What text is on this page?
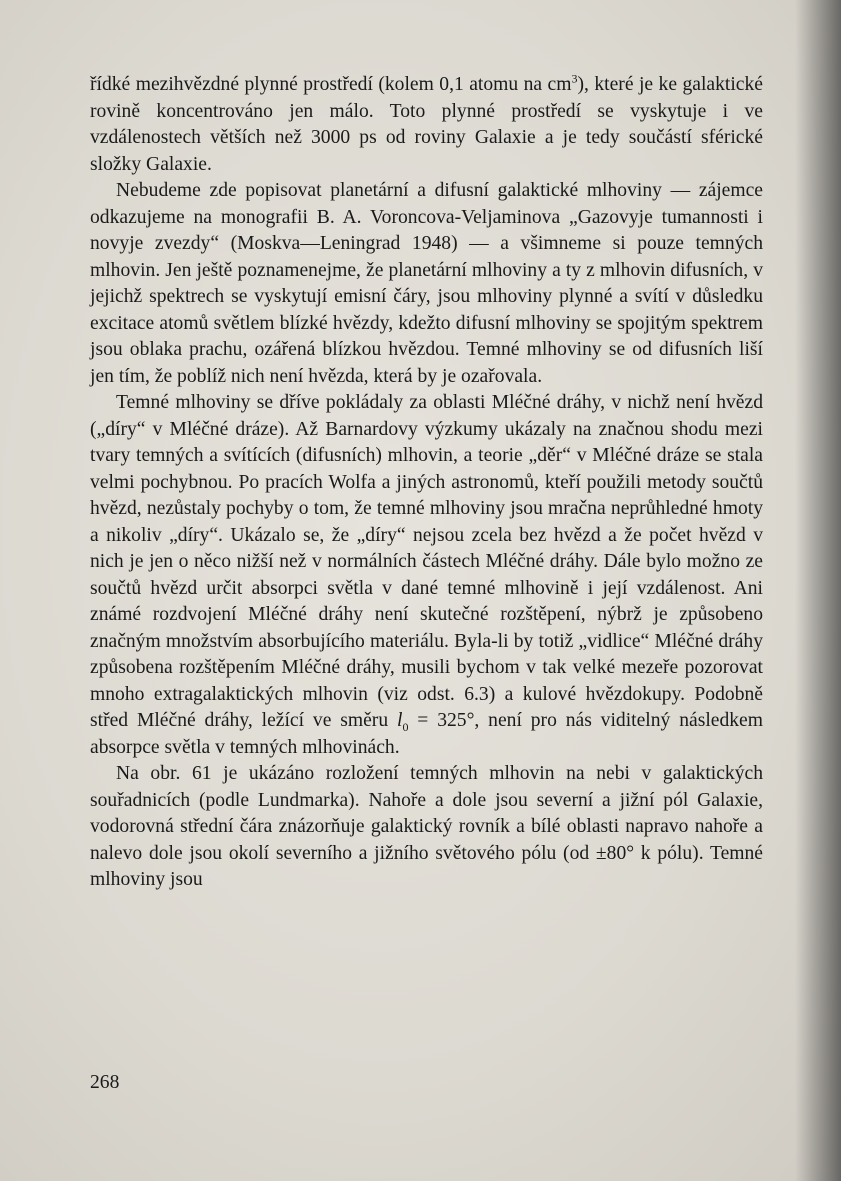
řídké mezihvězdné plynné prostředí (kolem 0,1 atomu na $cm^3$), které je ke galaktické rovině koncentrováno jen málo. Toto plynné prostředí se vyskytuje i ve vzdálenostech větších než 3000 ps od roviny Galaxie a je tedy součástí sférické složky Galaxie.

Nebudeme zde popisovat planetární a difusní galaktické mlhoviny — zájemce odkazujeme na monografii B. A. Voroncova-Veljaminova „Gazovyje tumannosti i novyje zvezdy“ (Moskva—Leningrad 1948) — a všimneme si pouze temných mlhovin. Jen ještě poznamenejme, že planetární mlhoviny a ty z mlhovin difusních, v jejichž spektrech se vyskytují emisní čáry, jsou mlhoviny plynné a svítí v důsledku excitace atomů světlem blízké hvězdy, kdežto difusní mlhoviny se spojitým spektrem jsou oblaka prachu, ozářená blízkou hvězdou. Temné mlhoviny se od difusních liší jen tím, že poblíž nich není hvězda, která by je ozařovala.

Temné mlhoviny se dříve pokládaly za oblasti Mléčné dráhy, v nichž není hvězd („díry“ v Mléčné dráze). Až Barnardovy výzkumy ukázaly na značnou shodu mezi tvary temných a svítících (difusních) mlhovin, a teorie „děr“ v Mléčné dráze se stala velmi pochybnou. Po pracích Wolfa a jiných astronomů, kteří použili metody součtů hvězd, nezůstaly pochyby o tom, že temné mlhoviny jsou mračna neprůhledné hmoty a nikoliv „díry“. Ukázalo se, že „díry“ nejsou zcela bez hvězd a že počet hvězd v nich je jen o něco nižší než v normálních částech Mléčné dráhy. Dále bylo možno ze součtů hvězd určit absorpci světla v dané temné mlhovině i její vzdálenost. Ani známé rozdvojení Mléčné dráhy není skutečné rozštěpení, nýbrž je způsobeno značným množstvím absorbujícího materiálu. Byla-li by totiž „vidlice“ Mléčné dráhy způsobena rozštěpením Mléčné dráhy, musili bychom v tak velké mezeře pozorovat mnoho extragalaktických mlhovin (viz odst. 6.3) a kulové hvězdokupy. Podobně střed Mléčné dráhy, ležící ve směru $l_0 = 325^\circ$, není pro nás viditelný následkem absorpce světla v temných mlhovinách.

Na obr. 61 je ukázáno rozložení temných mlhovin na nebi v galaktických souřadnicích (podle Lundmarka). Nahoře a dole jsou severní a jižní pól Galaxie, vodorovná střední čára znázorňuje galaktický rovník a bílé oblasti napravo nahoře a nalevo dole jsou okolí severního a jižního světového pólu (od ±80° k pólu). Temné mlhoviny jsou

268
